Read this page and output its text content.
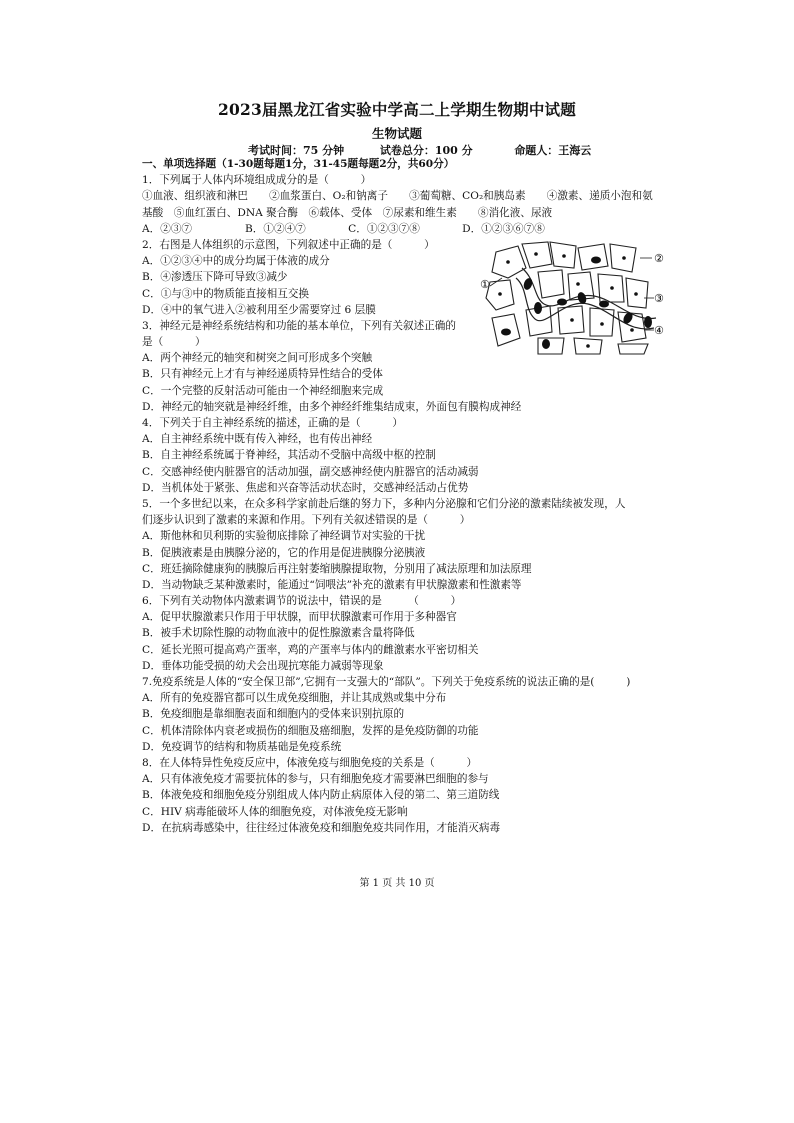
2023届黑龙江省实验中学高二上学期生物期中试题
生物试题
考试时间：75 分钟	试卷总分：100 分	命题人：王海云
一、单项选择题（1-30题每题1分，31-45题每题2分，共60分）
1．下列属于人体内环境组成成分的是（　　　）
①血液、组织液和淋巴　　②血浆蛋白、O₂和钠离子　　③葡萄糖、CO₂和胰岛素　　④激素、递质小泡和氨
基酸　⑤血红蛋白、DNA 聚合酶　⑥载体、受体　⑦尿素和维生素　　⑧消化液、尿液
A．②③⑦　　　　　B．①②④⑦　　　　C．①②③⑦⑧　　　　D．①②③⑥⑦⑧
2．右图是人体组织的示意图，下列叙述中正确的是（　　　）
A．①②③④中的成分均属于体液的成分
B．④渗透压下降可导致③减少
C．①与③中的物质能直接相互交换
D．④中的氧气进入②被利用至少需要穿过 6 层膜
3．神经元是神经系统结构和功能的基本单位，下列有关叙述正确的
是（　　　）
A．两个神经元的轴突和树突之间可形成多个突触
B．只有神经元上才有与神经递质特异性结合的受体
C．一个完整的反射活动可能由一个神经细胞来完成
D．神经元的轴突就是神经纤维，由多个神经纤维集结成束，外面包有膜构成神经
4．下列关于自主神经系统的描述，正确的是（　　　）
A．自主神经系统中既有传入神经，也有传出神经
B．自主神经系统属于脊神经，其活动不受脑中高级中枢的控制
C．交感神经使内脏器官的活动加强，副交感神经使内脏器官的活动减弱
D．当机体处于紧张、焦虑和兴奋等活动状态时，交感神经活动占优势
5．一个多世纪以来，在众多科学家前赴后继的努力下，多种内分泌腺和它们分泌的激素陆续被发现，人
们逐步认识到了激素的来源和作用。下列有关叙述错误的是（　　　）
A．斯他林和贝利斯的实验彻底排除了神经调节对实验的干扰
B．促胰液素是由胰腺分泌的，它的作用是促进胰腺分泌胰液
C．班廷摘除健康狗的胰腺后再注射萎缩胰腺提取物，分别用了减法原理和加法原理
D．当动物缺乏某种激素时，能通过“饲喂法”补充的激素有甲状腺激素和性激素等
6．下列有关动物体内激素调节的说法中，错误的是　　　（　　　）
A．促甲状腺激素只作用于甲状腺，而甲状腺激素可作用于多种器官
B．被手术切除性腺的动物血液中的促性腺激素含量将降低
C．延长光照可提高鸡产蛋率，鸡的产蛋率与体内的雌激素水平密切相关
D．垂体功能受损的幼犬会出现抗寒能力减弱等现象
7.免疫系统是人体的“安全保卫部”,它拥有一支强大的“部队”。下列关于免疫系统的说法正确的是(　　　)
A．所有的免疫器官都可以生成免疫细胞，并让其成熟或集中分布
B．免疫细胞是靠细胞表面和细胞内的受体来识别抗原的
C．机体清除体内衰老或损伤的细胞及癌细胞，发挥的是免疫防御的功能
D．免疫调节的结构和物质基础是免疫系统
8．在人体特异性免疫反应中，体液免疫与细胞免疫的关系是（　　　）
A．只有体液免疫才需要抗体的参与，只有细胞免疫才需要淋巴细胞的参与
B．体液免疫和细胞免疫分别组成人体内防止病原体入侵的第二、第三道防线
C．HIV 病毒能破坏人体的细胞免疫，对体液免疫无影响
D．在抗病毒感染中，往往经过体液免疫和细胞免疫共同作用，才能消灭病毒
①
②
③
④
第 1 页 共 10 页
